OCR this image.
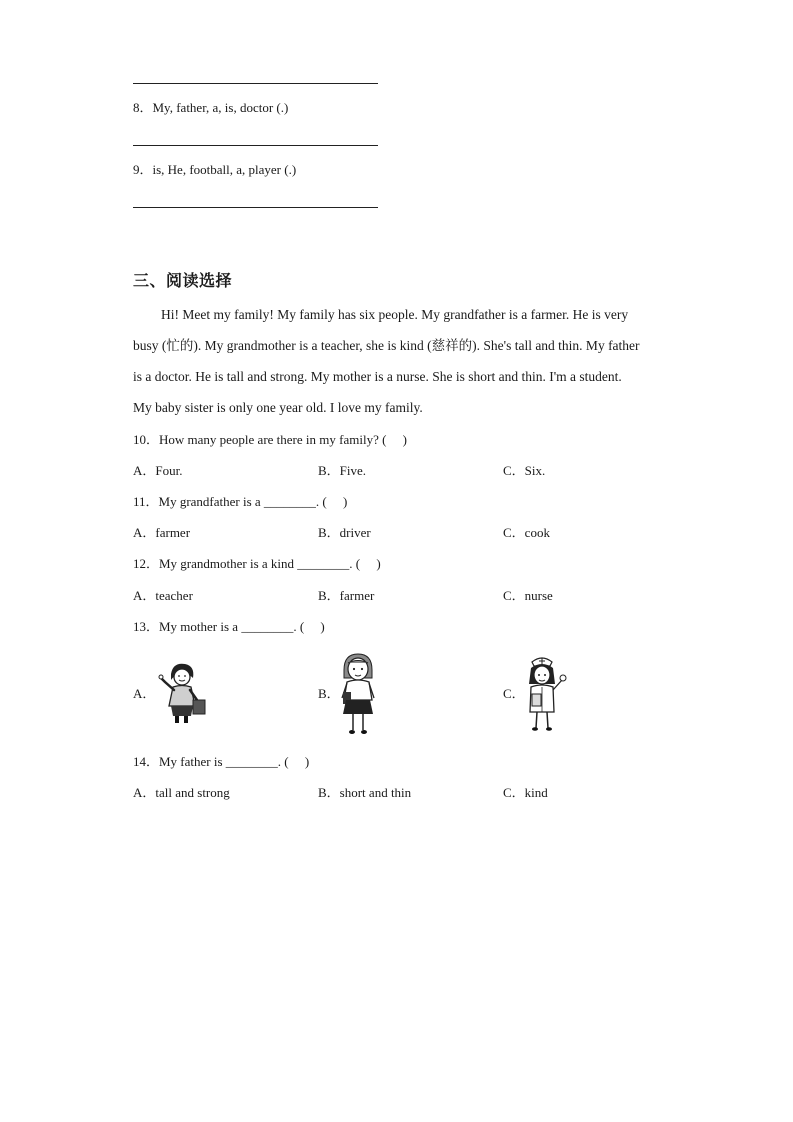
8．My, father, a, is, doctor (.)
9．is, He, football, a, player (.)
三、阅读选择
Hi! Meet my family! My family has six people. My grandfather is a farmer. He is very
busy (忙的). My grandmother is a teacher, she is kind (慈祥的). She's tall and thin. My father
is a doctor. He is tall and strong. My mother is a nurse. She is short and thin. I'm a student.
My baby sister is only one year old. I love my family.
10．How many people are there in my family? (　 )
A．Four.	B．Five.	C．Six.
11．My grandfather is a ________. (　 )
A．farmer	B．driver	C．cook
12．My grandmother is a kind ________. (　 )
A．teacher	B．farmer	C．nurse
13．My mother is a ________. (　 )
A．	B．	C．
14．My father is ________. (　 )
A．tall and strong	B．short and thin	C．kind
